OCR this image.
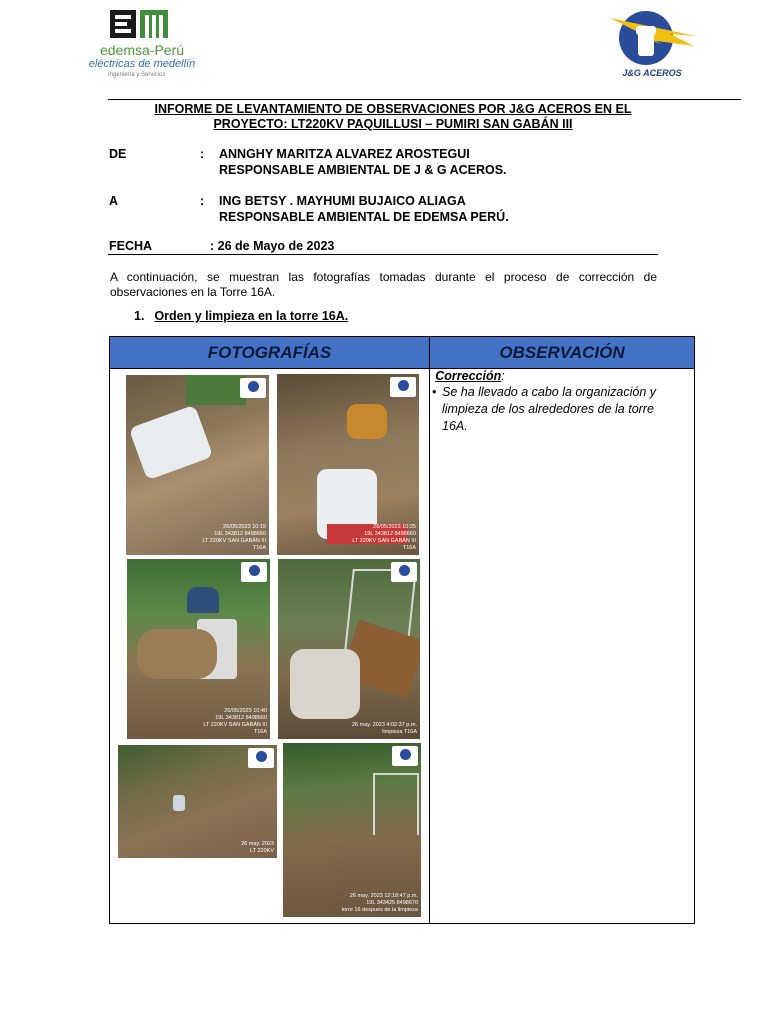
edemsa-Perú
eléctricas de medellín
Ingeniería y Servicios	J&G ACEROS
INFORME DE LEVANTAMIENTO DE OBSERVACIONES POR J&G ACEROS EN EL
PROYECTO: LT220KV PAQUILLUSI – PUMIRI SAN GABÁN III
DE	: ANNGHY MARITZA ALVAREZ AROSTEGUI
RESPONSABLE AMBIENTAL DE J & G ACEROS.
A	: ING BETSY . MAYHUMI BUJAICO ALIAGA
RESPONSABLE AMBIENTAL DE EDEMSA PERÚ.
FECHA	: 26 de Mayo de 2023
A continuación, se muestran las fotografías tomadas durante el proceso de corrección de observaciones en la Torre 16A.
1. Orden y limpieza en la torre 16A.
FOTOGRAFÍAS	OBSERVACIÓN
26/05/2023 10:15
19L 343812 8498660
LT 220KV SAN GABÁN III
T16A
26/05/2023 10:25
19L 343812 8498660
LT 220KV SAN GABÁN III
T16A
26/05/2023 10:40
19L 343812 8498660
LT 220KV SAN GABÁN III
T16A
26 may. 2023 4:02:37 p.m.
limpieza T16A
26 may. 2023
LT 220KV
26 may. 2023 12:18:47 p.m.
19L 343425 8498670
torre 16 después de la limpieza
Corrección:
• Se ha llevado a cabo la organización y limpieza de los alrededores de la torre 16A.
